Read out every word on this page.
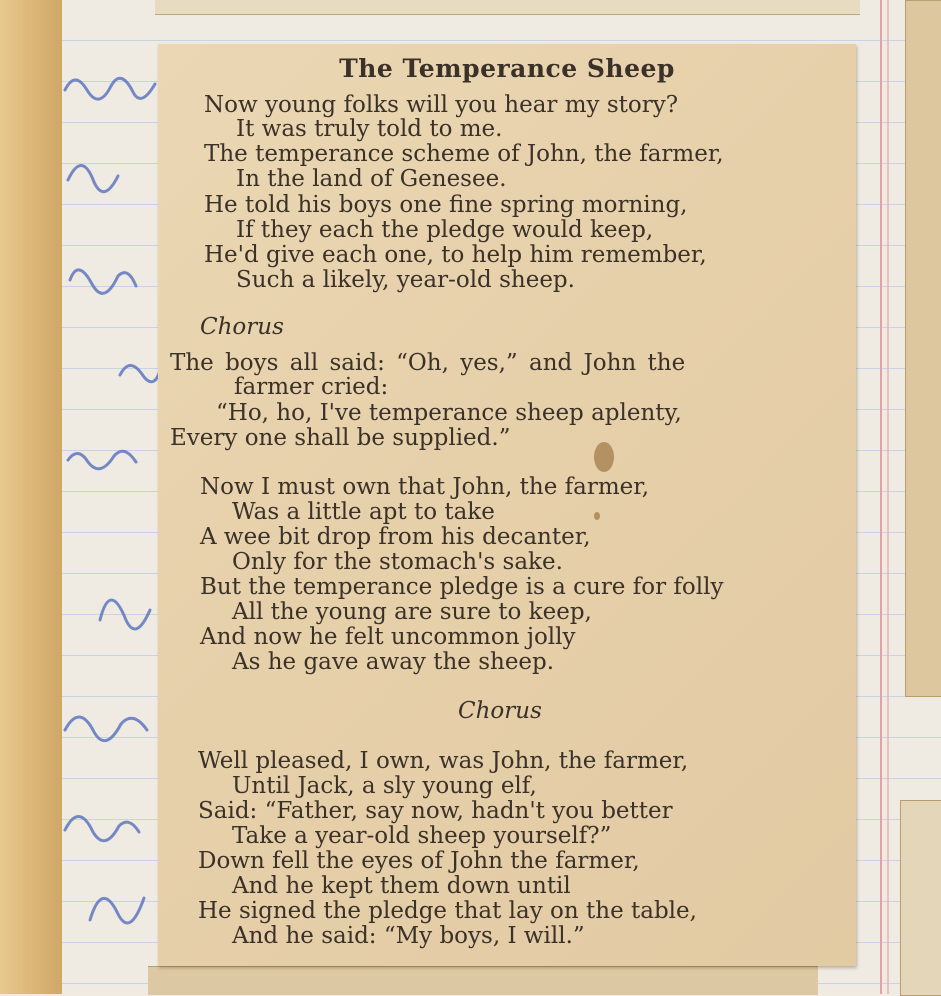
The Temperance Sheep
Now young folks will you hear my story?
It was truly told to me.
The temperance scheme of John, the farmer,
In the land of Genesee.
He told his boys one fine spring morning,
If they each the pledge would keep,
He'd give each one, to help him remember,
Such a likely, year-old sheep.
Chorus
The boys all said: “Oh, yes,” and John the
farmer cried:
“Ho, ho, I've temperance sheep aplenty,
Every one shall be supplied.”
Now I must own that John, the farmer,
Was a little apt to take
A wee bit drop from his decanter,
Only for the stomach's sake.
But the temperance pledge is a cure for folly
All the young are sure to keep,
And now he felt uncommon jolly
As he gave away the sheep.
Chorus
Well pleased, I own, was John, the farmer,
Until Jack, a sly young elf,
Said: “Father, say now, hadn't you better
Take a year-old sheep yourself?”
Down fell the eyes of John the farmer,
And he kept them down until
He signed the pledge that lay on the table,
And he said: “My boys, I will.”
